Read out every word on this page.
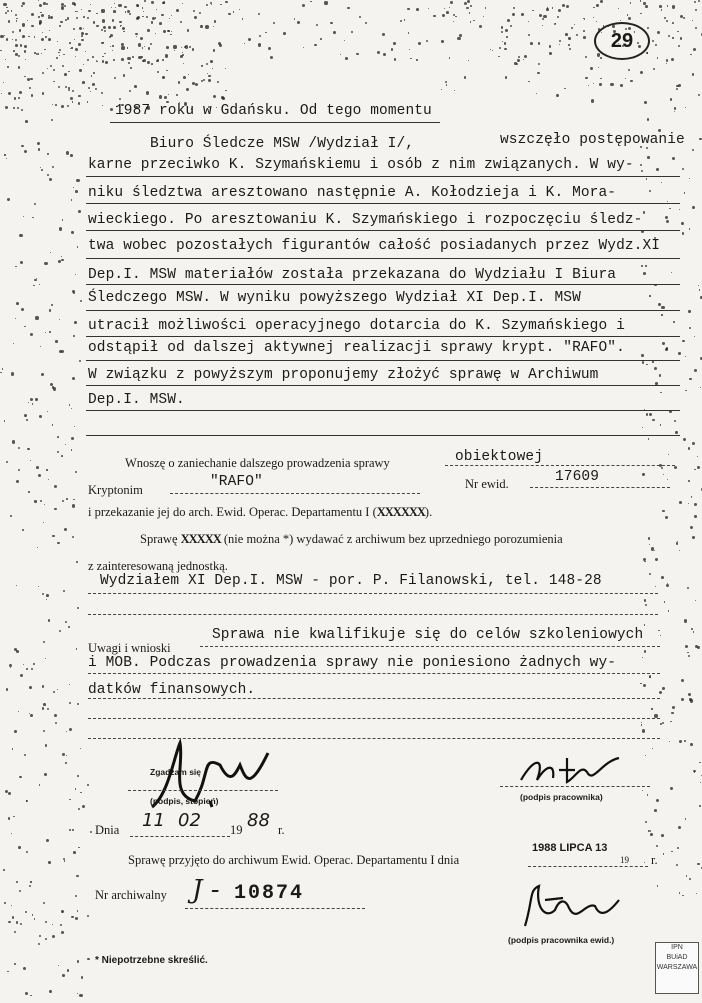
29
1987 roku w Gdańsku. Od tego momentu
Biuro Śledcze MSW /Wydział I/,	wszczęło postępowanie
karne przeciwko K. Szymańskiemu i osób z nim związanych. W wy-
niku śledztwa aresztowano następnie A. Kołodzieja i K. Mora-
wieckiego. Po aresztowaniu K. Szymańskiego i rozpoczęciu śledz-
twa wobec pozostałych figurantów całość posiadanych przez Wydz.XI
Dep.I. MSW materiałów została przekazana do Wydziału I Biura
Śledczego MSW. W wyniku powyższego Wydział XI Dep.I. MSW
utracił możliwości operacyjnego dotarcia do K. Szymańskiego i
odstąpił od dalszej aktywnej realizacji sprawy krypt. "RAFO".
W związku z powyższym proponujemy złożyć sprawę w Archiwum
Dep.I. MSW.
Wnoszę o zaniechanie dalszego prowadzenia sprawy	obiektowej
Kryptonim	"RAFO"	Nr ewid.	17609
i przekazanie jej do arch. Ewid. Operac. Departamentu I (XXXXXX).
Sprawę XXXXX (nie można *) wydawać z archiwum bez uprzedniego porozumienia
z zainteresowaną jednostką.
Wydziałem XI Dep.I. MSW - por. P. Filanowski, tel. 148-28
Uwagi i wnioski
Sprawa nie kwalifikuje się do celów szkoleniowych
i MOB. Podczas prowadzenia sprawy nie poniesiono żadnych wy-
datków finansowych.
Zgadzam się
(podpis, stopień)	(podpis pracownika)
Dnia 11 02 19 88 r.
Sprawę przyjęto do archiwum Ewid. Operac. Departamentu I dnia
1988 LIPCA 13
19 r.
Nr archiwalny J - 10874
(podpis pracownika ewid.)
* Niepotrzebne skreślić.
IPN
BUiAD
WARSZAWA
